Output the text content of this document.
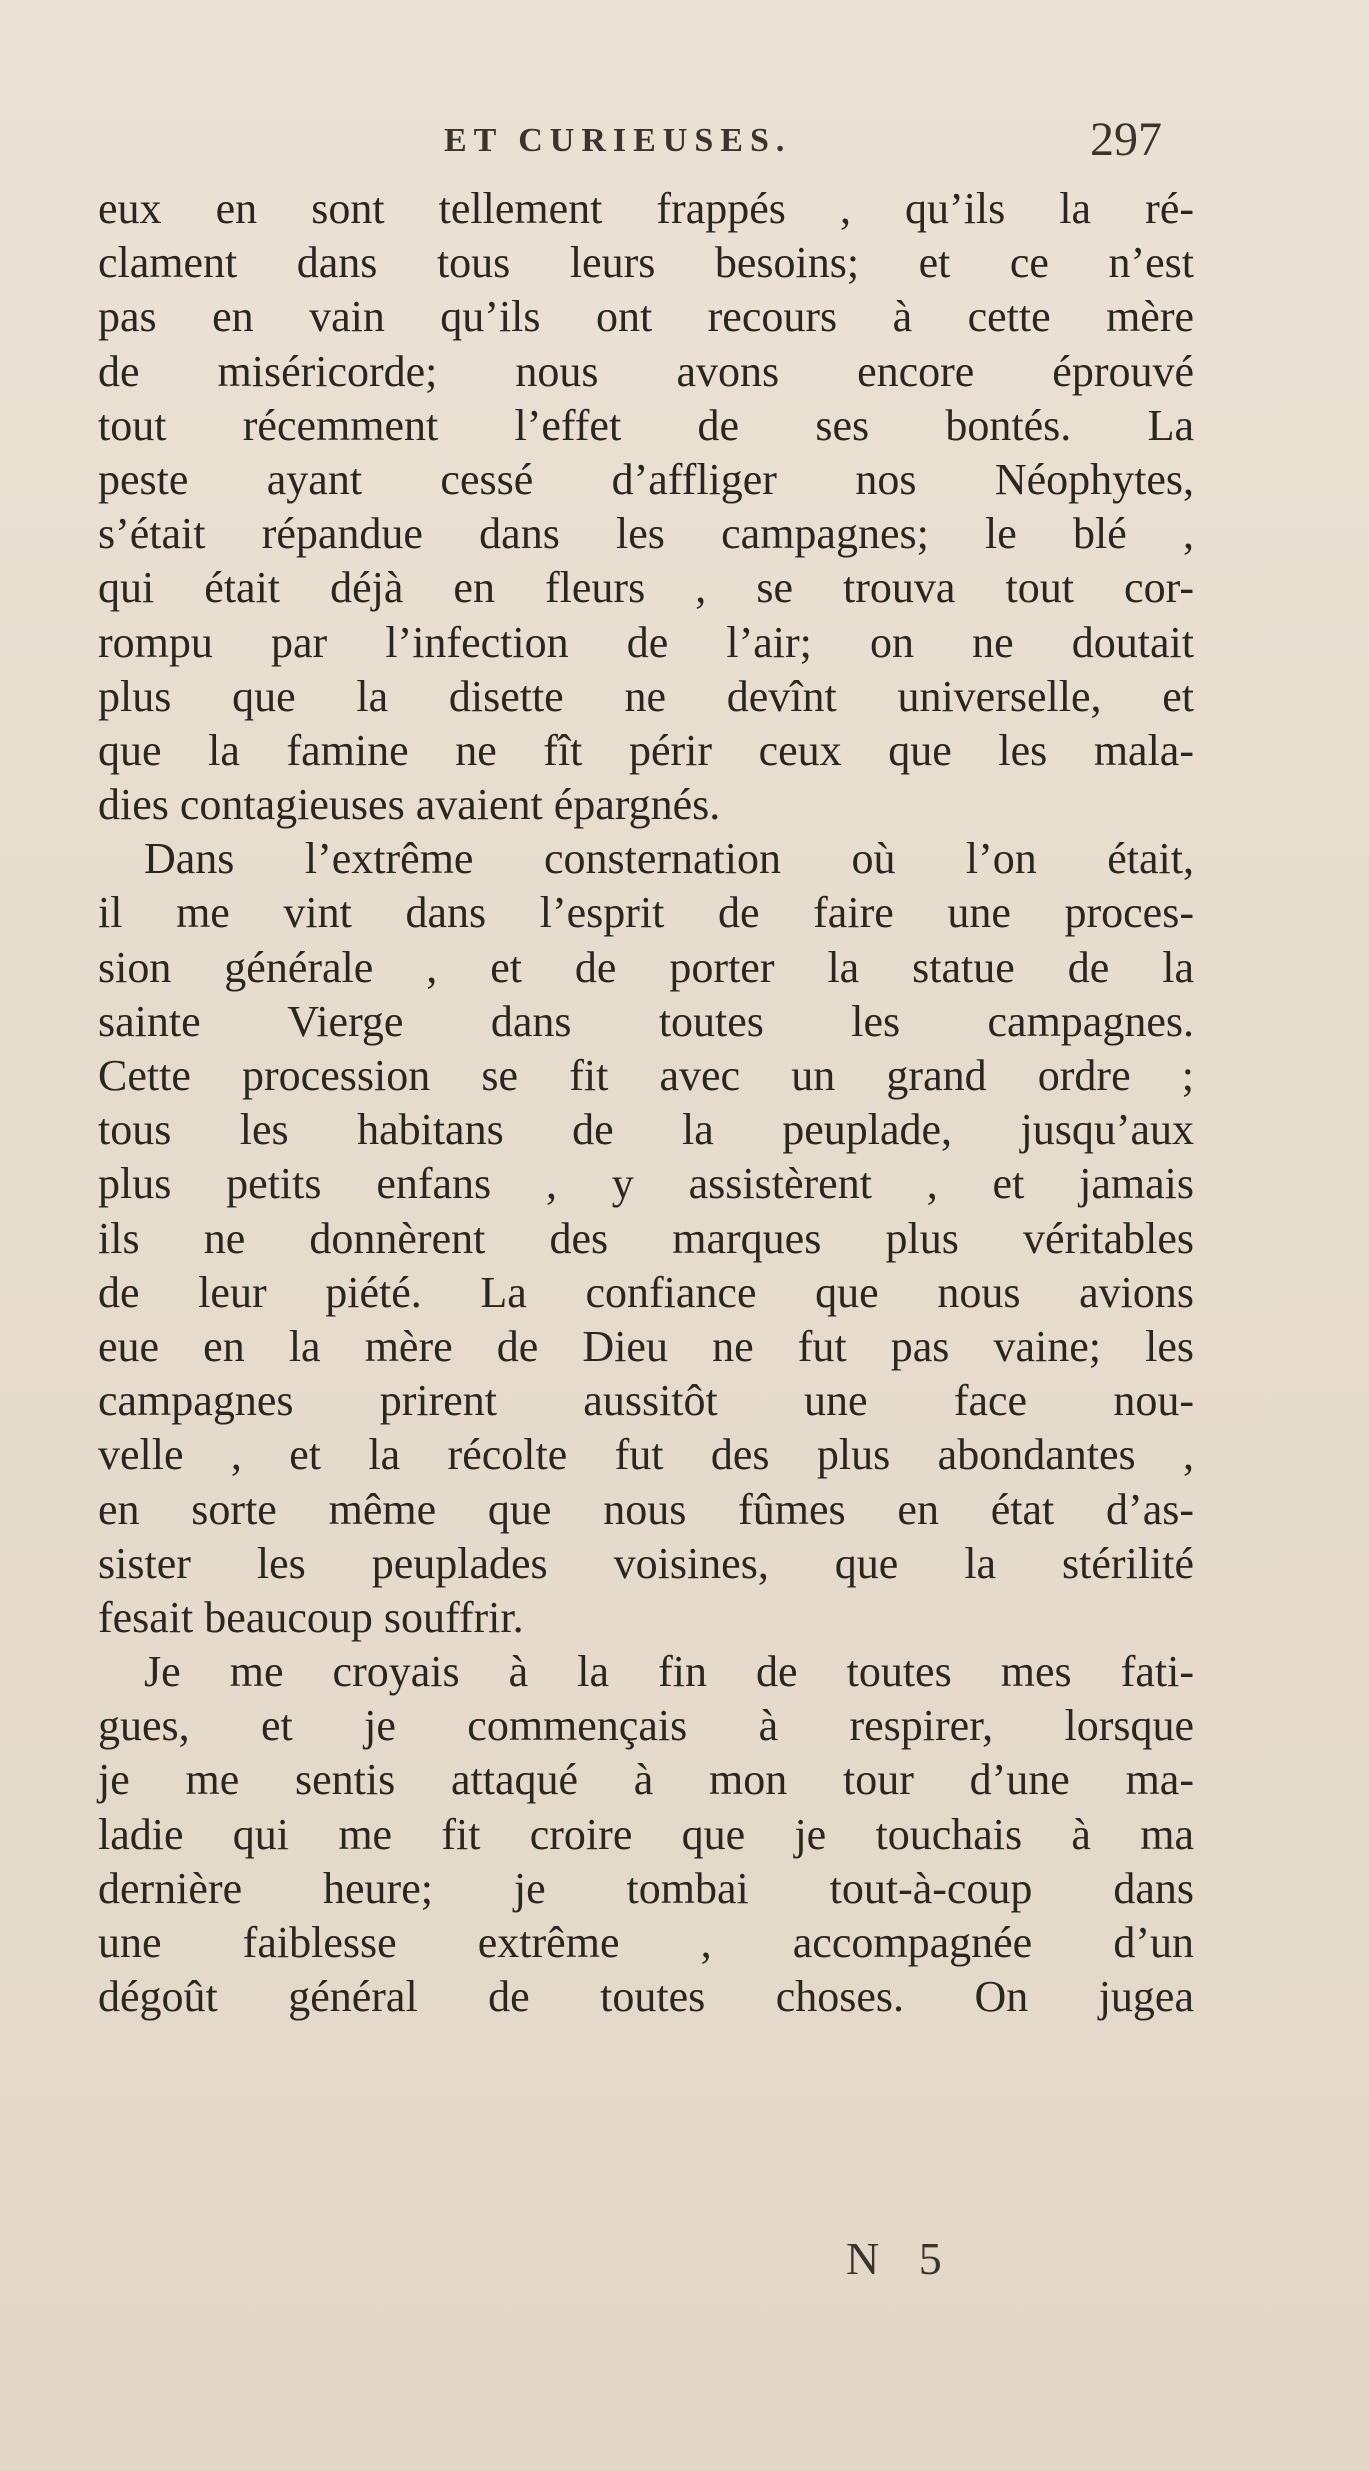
ET CURIEUSES.	297
eux en sont tellement frappés , qu’ils la ré-
clament dans tous leurs besoins; et ce n’est
pas en vain qu’ils ont recours à cette mère
de miséricorde; nous avons encore éprouvé
tout récemment l’effet de ses bontés. La
peste ayant cessé d’affliger nos Néophytes,
s’était répandue dans les campagnes; le blé ,
qui était déjà en fleurs , se trouva tout cor-
rompu par l’infection de l’air; on ne doutait
plus que la disette ne devînt universelle, et
que la famine ne fît périr ceux que les mala-
dies contagieuses avaient épargnés.
Dans l’extrême consternation où l’on était,
il me vint dans l’esprit de faire une proces-
sion générale , et de porter la statue de la
sainte Vierge dans toutes les campagnes.
Cette procession se fit avec un grand ordre ;
tous les habitans de la peuplade, jusqu’aux
plus petits enfans , y assistèrent , et jamais
ils ne donnèrent des marques plus véritables
de leur piété. La confiance que nous avions
eue en la mère de Dieu ne fut pas vaine; les
campagnes prirent aussitôt une face nou-
velle , et la récolte fut des plus abondantes ,
en sorte même que nous fûmes en état d’as-
sister les peuplades voisines, que la stérilité
fesait beaucoup souffrir.
Je me croyais à la fin de toutes mes fati-
gues, et je commençais à respirer, lorsque
je me sentis attaqué à mon tour d’une ma-
ladie qui me fit croire que je touchais à ma
dernière heure; je tombai tout-à-coup dans
une faiblesse extrême , accompagnée d’un
dégoût général de toutes choses. On jugea
N 5
